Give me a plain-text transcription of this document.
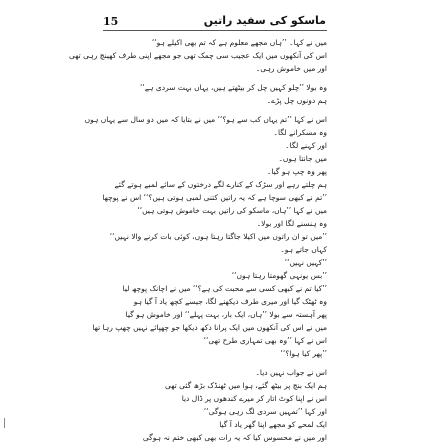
15	ماسکو کی سفید راتیں
میں نے کہا۔ ’’ہاں مجھے معلوم ہے کہ تم بھی اکیلے ہو‘‘
اس کی آنکھوں میں ایک عجیب سی چمک تھی جو مجھے اپنی طرف کھینچ رہی تھی
اور میں خاموش رہی۔
وہ بولا ’’چلو کہیں چل کر بیٹھتے ہیں، یہاں بہت سردی ہے‘‘
ہم دونوں چل پڑے۔
اس نے کہا ’’تم یہاں کب سے ہو؟‘‘ میں نے بتایا کہ میں دو سال سے یہاں ہوں
وہ مسکرانے لگا۔
اور کہنے لگا۔
میں جانتا ہوں۔
پھر وہ چپ ہو گیا۔
ہم چلتے رہے اور سڑک کے کنارے لگے درختوں کے سائے لمبے ہوتے گئے
’’تم نے کبھی سوچا ہے کہ یہ راتیں کتنی لمبی ہوتی ہیں؟‘‘ اس نے پوچھا
میں نے کہا ’’ہاں، ماسکو کی راتیں بہت خاموش ہوتی ہیں‘‘
وہ ہنسنے لگا اور بولا۔
’’میں تو ان راتوں میں اکیلا جاگتا رہتا ہوں، کوئی بات کرنے والا نہیں‘‘
کہاں جاتے ہو۔
’’کہیں نہیں‘‘
’’بس یونہی گھومتا رہتا ہوں‘‘
’’کیا تم نے کبھی کسی سے محبت کی ہے؟‘‘ میں نے اچانک پوچھ لیا
وہ ٹھٹک گیا اور میری طرف دیکھنے لگا، جیسے کچھ یاد آ گیا ہو
پھر آہستہ سے بولا ’’ہاں، ایک بار، بہت پہلے‘‘ اور خاموش ہو گیا
میں نے اس کی آنکھوں میں ایک پرانا دکھ دیکھا جو چھپائے نہیں چھپ رہا تھا
اس نے کہا ’’وہ بھی تمہاری طرح تھی‘‘
’’پھر کیا ہوا؟‘‘
اس نے جواب نہیں دیا۔
ہم ایک بنچ پر بیٹھ گئے، ہوا میں ٹھنڈک بڑھ گئی تھی
اس نے اپنا کوٹ اتار کر میرے کندھوں پر ڈال دیا
اور کہا ’’تمہیں سردی لگ رہی ہوگی‘‘
ایک لمحے کو مجھے اپنا گھر یاد آ گیا
اور میں نے محسوس کیا کہ یہ رات بھی کبھی ختم نہ ہوگی
